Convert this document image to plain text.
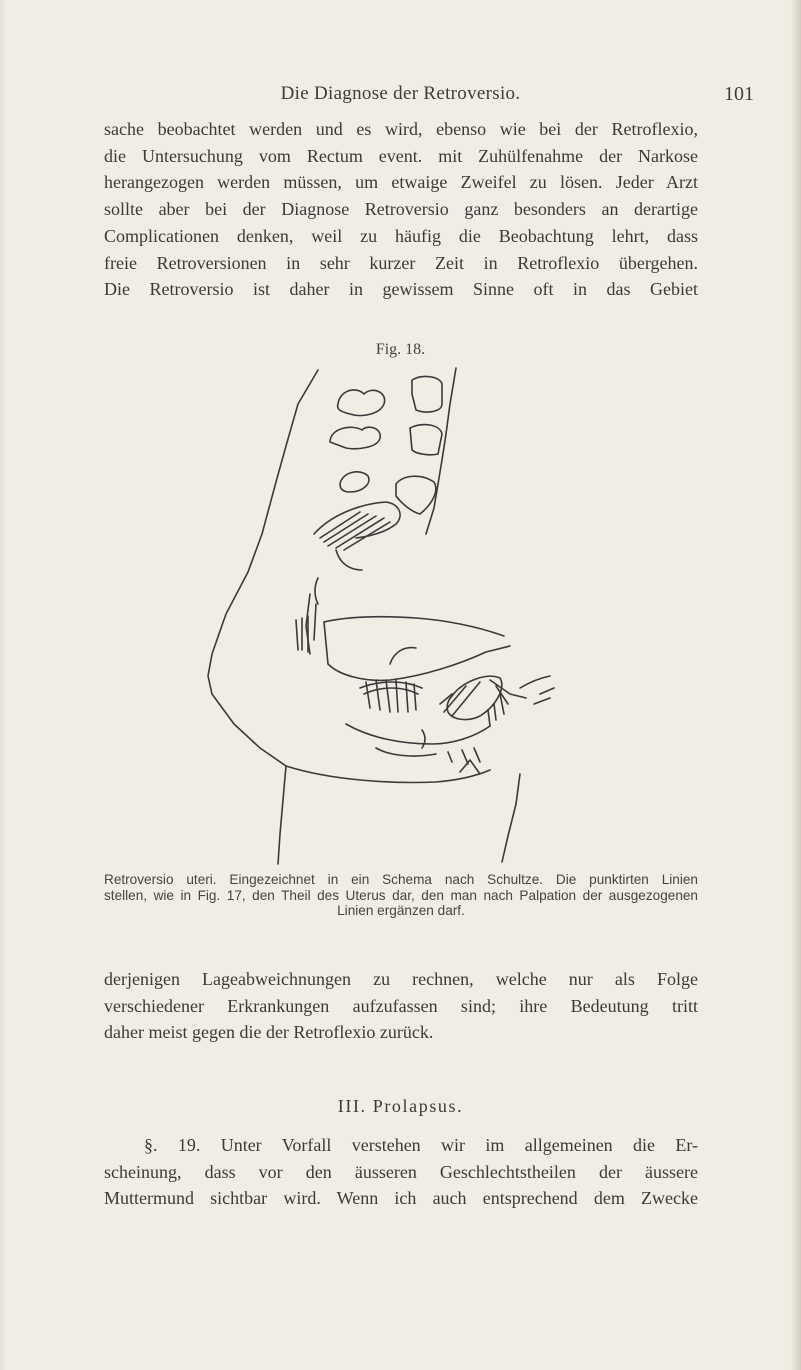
Die Diagnose der Retroversio.	101
sache beobachtet werden und es wird, ebenso wie bei der Retroflexio,
die Untersuchung vom Rectum event. mit Zuhülfenahme der Narkose
herangezogen werden müssen, um etwaige Zweifel zu lösen. Jeder Arzt
sollte aber bei der Diagnose Retroversio ganz besonders an derartige
Complicationen denken, weil zu häufig die Beobachtung lehrt, dass
freie Retroversionen in sehr kurzer Zeit in Retroflexio übergehen.
Die Retroversio ist daher in gewissem Sinne oft in das Gebiet
Fig. 18.
Retroversio uteri. Eingezeichnet in ein Schema nach Schultze. Die punktirten Linien
stellen, wie in Fig. 17, den Theil des Uterus dar, den man nach Palpation der ausgezogenen
Linien ergänzen darf.
derjenigen Lageabweichnungen zu rechnen, welche nur als Folge
verschiedener Erkrankungen aufzufassen sind; ihre Bedeutung tritt
daher meist gegen die der Retroflexio zurück.
III. Prolapsus.
§. 19. Unter Vorfall verstehen wir im allgemeinen die Er-
scheinung, dass vor den äusseren Geschlechtstheilen der äussere
Muttermund sichtbar wird. Wenn ich auch entsprechend dem Zwecke
